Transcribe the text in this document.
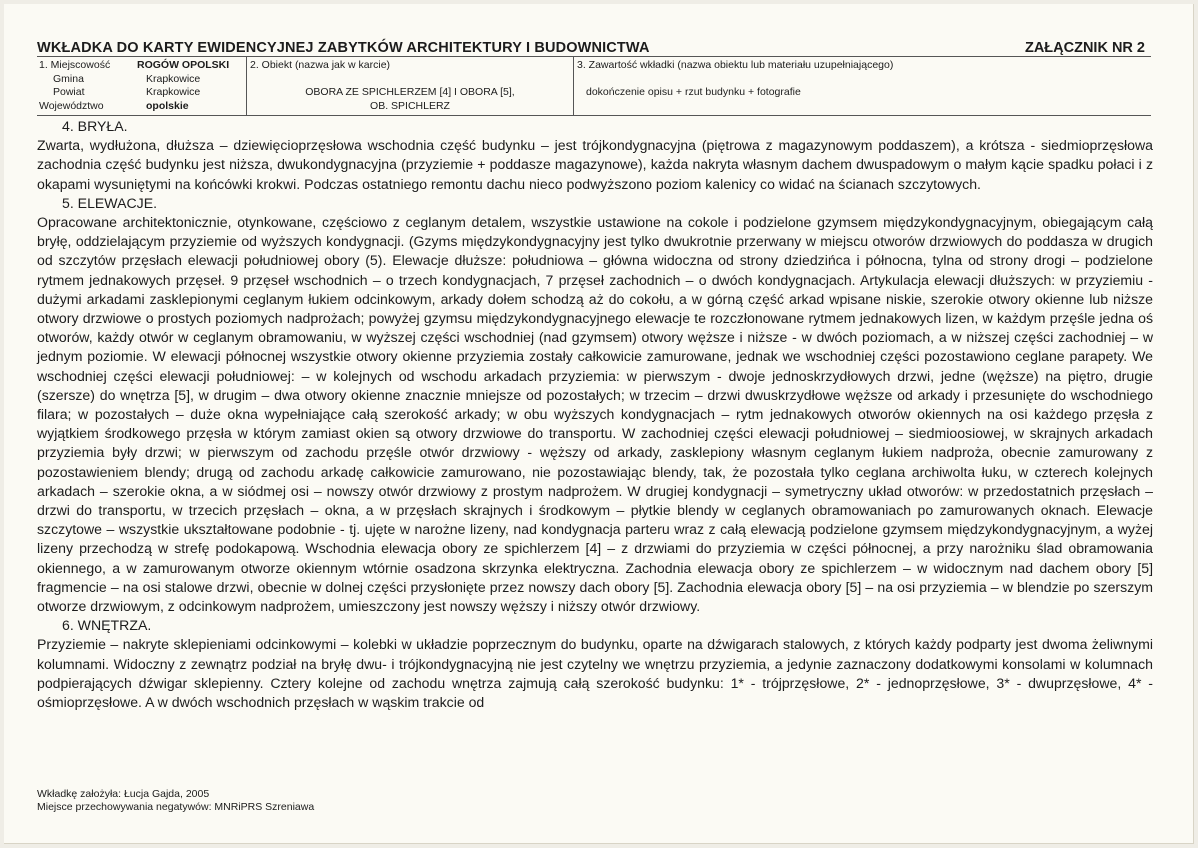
WKŁADKA DO KARTY EWIDENCYJNEJ ZABYTKÓW ARCHITEKTURY I BUDOWNICTWA	ZAŁĄCZNIK NR 2
1. Miejscowość	ROGÓW OPOLSKI
Gmina	Krapkowice
Powiat	Krapkowice
Województwo	opolskie
2. Obiekt (nazwa jak w karcie)
OBORA ZE SPICHLERZEM [4] I OBORA [5],
OB. SPICHLERZ
3. Zawartość wkładki (nazwa obiektu lub materiału uzupełniającego)
dokończenie opisu + rzut budynku + fotografie

4. BRYŁA.

Zwarta, wydłużona, dłuższa – dziewięcioprzęsłowa wschodnia część budynku – jest trójkondygnacyjna (piętrowa z magazynowym poddaszem), a krótsza - siedmioprzęsłowa zachodnia część budynku jest niższa, dwukondygnacyjna (przyziemie + poddasze magazynowe), każda nakryta własnym dachem dwuspadowym o małym kącie spadku połaci i z okapami wysuniętymi na końcówki krokwi. Podczas ostatniego remontu dachu nieco podwyższono poziom kalenicy co widać na ścianach szczytowych.

5. ELEWACJE.

Opracowane architektonicznie, otynkowane, częściowo z ceglanym detalem, wszystkie ustawione na cokole i podzielone gzymsem międzykondygnacyjnym, obiegającym całą bryłę, oddzielającym przyziemie od wyższych kondygnacji. (Gzyms międzykondygnacyjny jest tylko dwukrotnie przerwany w miejscu otworów drzwiowych do poddasza w drugich od szczytów przęsłach elewacji południowej obory (5). Elewacje dłuższe: południowa – główna widoczna od strony dziedzińca i północna, tylna od strony drogi – podzielone rytmem jednakowych przęseł. 9 przęseł wschodnich – o trzech kondygnacjach, 7 przęseł zachodnich – o dwóch kondygnacjach. Artykulacja elewacji dłuższych: w przyziemiu - dużymi arkadami zasklepionymi ceglanym łukiem odcinkowym, arkady dołem schodzą aż do cokołu, a w górną część arkad wpisane niskie, szerokie otwory okienne lub niższe otwory drzwiowe o prostych poziomych nadprożach; powyżej gzymsu międzykondygnacyjnego elewacje te rozczłonowane rytmem jednakowych lizen, w każdym przęśle jedna oś otworów, każdy otwór w ceglanym obramowaniu, w wyższej części wschodniej (nad gzymsem) otwory węższe i niższe - w dwóch poziomach, a w niższej części zachodniej – w jednym poziomie. W elewacji północnej wszystkie otwory okienne przyziemia zostały całkowicie zamurowane, jednak we wschodniej części pozostawiono ceglane parapety. We wschodniej części elewacji południowej: – w kolejnych od wschodu arkadach przyziemia: w pierwszym - dwoje jednoskrzydłowych drzwi, jedne (węższe) na piętro, drugie (szersze) do wnętrza [5], w drugim – dwa otwory okienne znacznie mniejsze od pozostałych; w trzecim – drzwi dwuskrzydłowe węższe od arkady i przesunięte do wschodniego filara; w pozostałych – duże okna wypełniające całą szerokość arkady; w obu wyższych kondygnacjach – rytm jednakowych otworów okiennych na osi każdego przęsła z wyjątkiem środkowego przęsła w którym zamiast okien są otwory drzwiowe do transportu. W zachodniej części elewacji południowej – siedmioosiowej, w skrajnych arkadach przyziemia były drzwi; w pierwszym od zachodu przęśle otwór drzwiowy - węższy od arkady, zasklepiony własnym ceglanym łukiem nadproża, obecnie zamurowany z pozostawieniem blendy; drugą od zachodu arkadę całkowicie zamurowano, nie pozostawiając blendy, tak, że pozostała tylko ceglana archiwolta łuku, w czterech kolejnych arkadach – szerokie okna, a w siódmej osi – nowszy otwór drzwiowy z prostym nadprożem. W drugiej kondygnacji – symetryczny układ otworów: w przedostatnich przęsłach – drzwi do transportu, w trzecich przęsłach – okna, a w przęsłach skrajnych i środkowym – płytkie blendy w ceglanych obramowaniach po zamurowanych oknach. Elewacje szczytowe – wszystkie ukształtowane podobnie - tj. ujęte w narożne lizeny, nad kondygnacja parteru wraz z całą elewacją podzielone gzymsem międzykondygnacyjnym, a wyżej lizeny przechodzą w strefę podokapową. Wschodnia elewacja obory ze spichlerzem [4] – z drzwiami do przyziemia w części północnej, a przy narożniku ślad obramowania okiennego, a w zamurowanym otworze okiennym wtórnie osadzona skrzynka elektryczna. Zachodnia elewacja obory ze spichlerzem – w widocznym nad dachem obory [5] fragmencie – na osi stalowe drzwi, obecnie w dolnej części przysłonięte przez nowszy dach obory [5]. Zachodnia elewacja obory [5] – na osi przyziemia – w blendzie po szerszym otworze drzwiowym, z odcinkowym nadprożem, umieszczony jest nowszy węższy i niższy otwór drzwiowy.

6. WNĘTRZA.

Przyziemie – nakryte sklepieniami odcinkowymi – kolebki w układzie poprzecznym do budynku, oparte na dźwigarach stalowych, z których każdy podparty jest dwoma żeliwnymi kolumnami. Widoczny z zewnątrz podział na bryłę dwu- i trójkondygnacyjną nie jest czytelny we wnętrzu przyziemia, a jedynie zaznaczony dodatkowymi konsolami w kolumnach podpierających dźwigar sklepienny. Cztery kolejne od zachodu wnętrza zajmują całą szerokość budynku: 1* - trójprzęsłowe, 2* - jednoprzęsłowe, 3* - dwuprzęsłowe, 4* - ośmioprzęsłowe. A w dwóch wschodnich przęsłach w wąskim trakcie od

Wkładkę założyła: Łucja Gajda, 2005
Miejsce przechowywania negatywów: MNRiPRS Szreniawa
